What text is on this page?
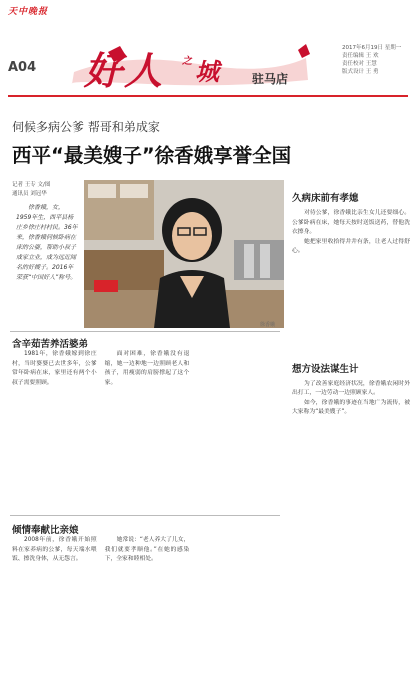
天中晚报
A04 好人 之 城	驻马店
2017年6月19日 星期一
责任编辑 王 欢
责任校对 王慧
版式设计 王 勇
伺候多病公爹 帮哥和弟成家
西平“最美嫂子”徐香娥享誉全国
记者 王专 文/图
通讯员 刘冠华
徐香娥，女，1959年生，西平县杨庄乡徐庄村村民。36年来，徐香娥伺候卧病在床的公婆，帮助小叔子成家立业，成为远近闻名的好嫂子。2016年荣获“中国好人”称号。
徐香娥
含辛茹苦养活婆弟

1981年，徐香娥嫁到徐庄村，当时婆婆已去世多年，公爹常年卧病在床，家里还有两个小叔子需要照顾。

面对困难，徐香娥没有退缩，她一边种地一边照顾老人和孩子，用瘦弱的肩膀撑起了这个家。

倾情奉献比亲娘

2008年前，徐香娥开始照料在家养病的公爹，每天端水喂饭、擦洗身体，从无怨言。

她常说：“老人养大了儿女，我们就要孝顺他。”在她的感染下，全家和睦相处。

久病床前有孝媳

对待公爹，徐香娥比亲生女儿还要细心。公爹卧病在床，她每天按时送饭送药，替他洗衣擦身。

她把家里收拾得井井有条，让老人过得舒心。

想方设法谋生计

为了改善家庭经济状况，徐香娥农闲时外出打工，一边劳动一边照顾家人。

如今，徐香娥的事迹在当地广为流传，被大家称为“最美嫂子”。
